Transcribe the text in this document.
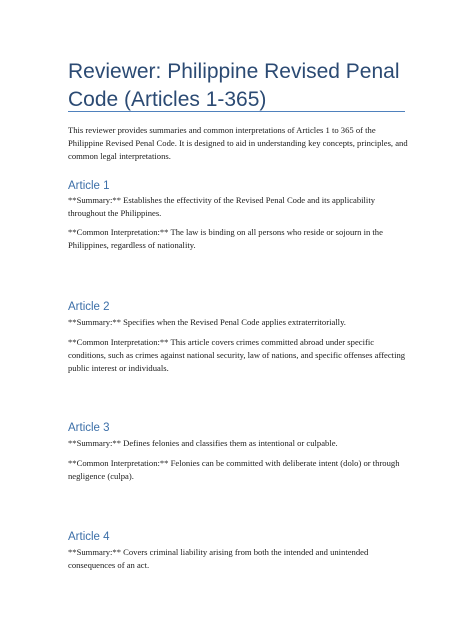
Reviewer: Philippine Revised Penal Code (Articles 1-365)

This reviewer provides summaries and common interpretations of Articles 1 to 365 of the Philippine Revised Penal Code. It is designed to aid in understanding key concepts, principles, and common legal interpretations.

Article 1

**Summary:** Establishes the effectivity of the Revised Penal Code and its applicability throughout the Philippines.

**Common Interpretation:** The law is binding on all persons who reside or sojourn in the Philippines, regardless of nationality.

Article 2

**Summary:** Specifies when the Revised Penal Code applies extraterritorially.

**Common Interpretation:** This article covers crimes committed abroad under specific conditions, such as crimes against national security, law of nations, and specific offenses affecting public interest or individuals.

Article 3

**Summary:** Defines felonies and classifies them as intentional or culpable.

**Common Interpretation:** Felonies can be committed with deliberate intent (dolo) or through negligence (culpa).

Article 4

**Summary:** Covers criminal liability arising from both the intended and unintended consequences of an act.
